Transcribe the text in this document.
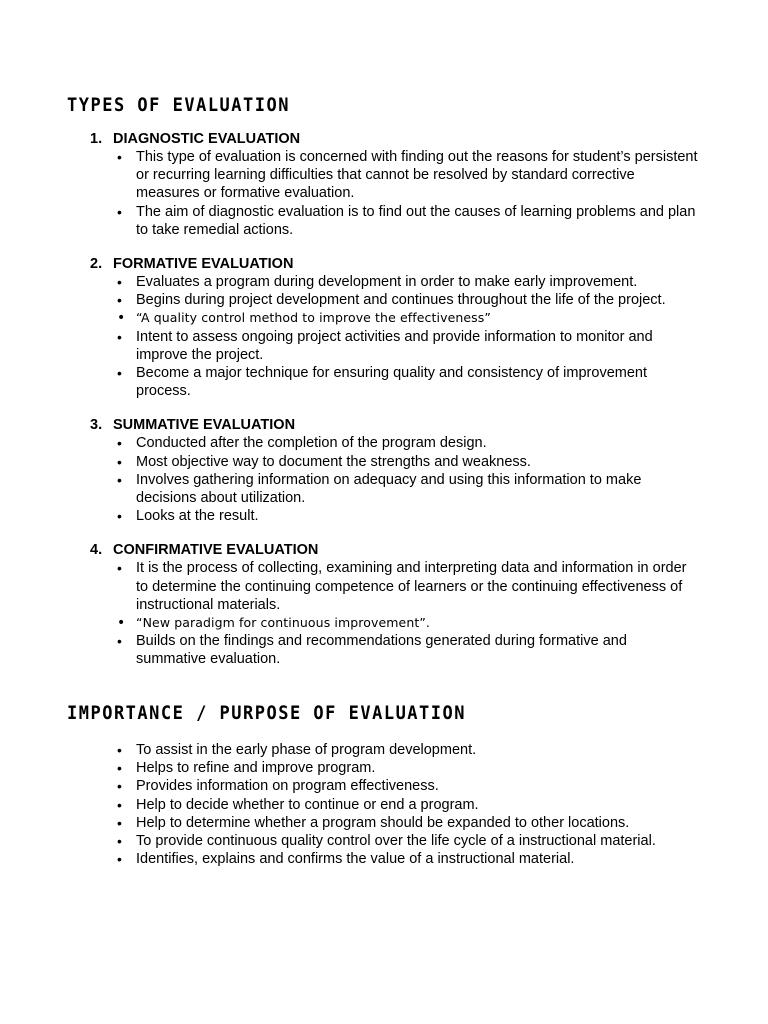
TYPES OF EVALUATION
1. DIAGNOSTIC EVALUATION
• This type of evaluation is concerned with finding out the reasons for student’s persistent or recurring learning difficulties that cannot be resolved by standard corrective measures or formative evaluation.
• The aim of diagnostic evaluation is to find out the causes of learning problems and plan to take remedial actions.
2. FORMATIVE EVALUATION
• Evaluates a program during development in order to make early improvement.
• Begins during project development and continues throughout the life of the project.
• “A quality control method to improve the effectiveness”
• Intent to assess ongoing project activities and provide information to monitor and improve the project.
• Become a major technique for ensuring quality and consistency of improvement process.
3. SUMMATIVE EVALUATION
• Conducted after the completion of the program design.
• Most objective way to document the strengths and weakness.
• Involves gathering information on adequacy and using this information to make decisions about utilization.
• Looks at the result.
4. CONFIRMATIVE EVALUATION
• It is the process of collecting, examining and interpreting data and information in order to determine the continuing competence of learners or the continuing effectiveness of instructional materials.
• “New paradigm for continuous improvement”.
• Builds on the findings and recommendations generated during formative and summative evaluation.
IMPORTANCE / PURPOSE OF EVALUATION
• To assist in the early phase of program development.
• Helps to refine and improve program.
• Provides information on program effectiveness.
• Help to decide whether to continue or end a program.
• Help to determine whether a program should be expanded to other locations.
• To provide continuous quality control over the life cycle of a instructional material.
• Identifies, explains and confirms the value of a instructional material.
